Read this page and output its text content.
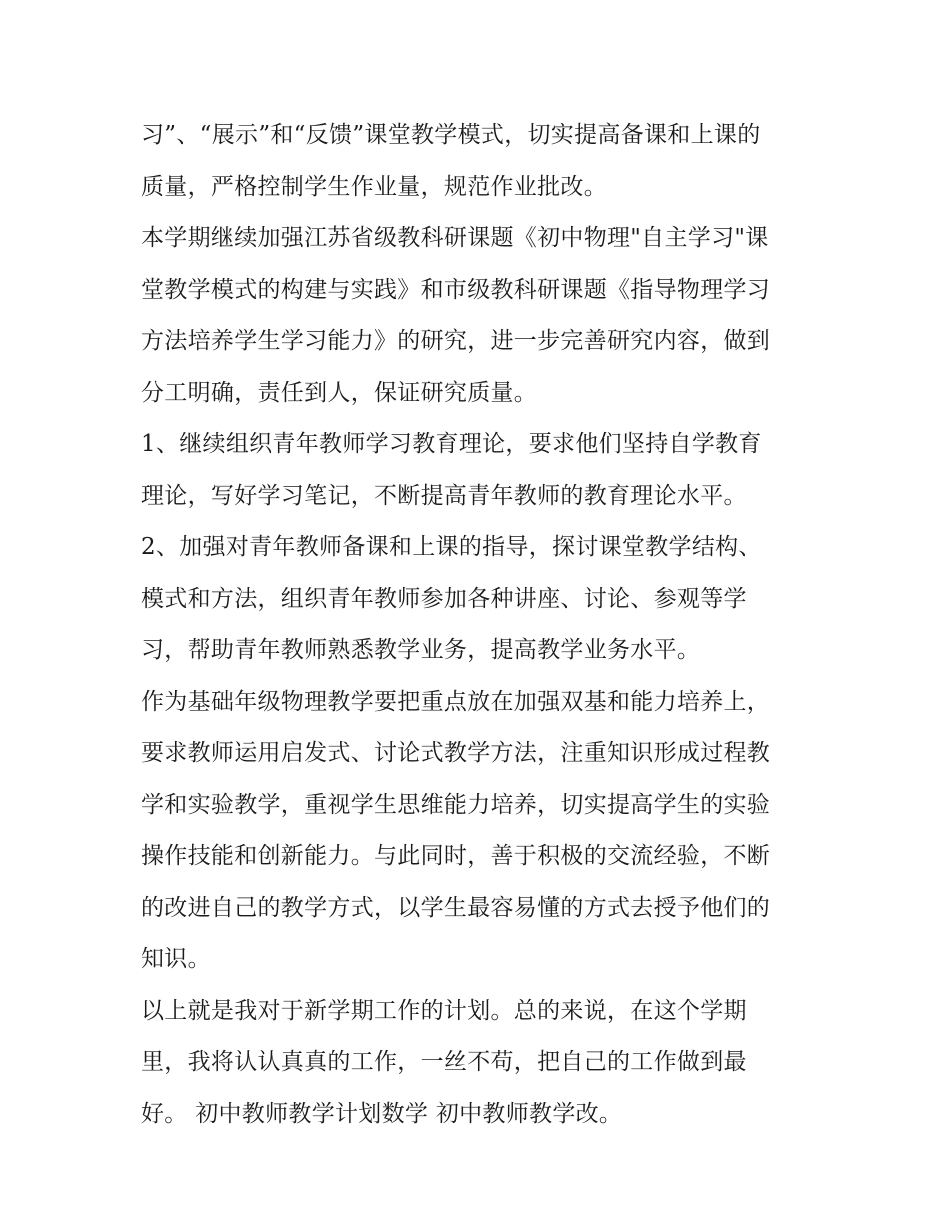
习”、“展示”和“反馈”课堂教学模式，切实提高备课和上课的
质量，严格控制学生作业量，规范作业批改。

本学期继续加强江苏省级教科研课题《初中物理"自主学习"课
堂教学模式的构建与实践》和市级教科研课题《指导物理学习
方法培养学生学习能力》的研究，进一步完善研究内容，做到
分工明确，责任到人，保证研究质量。

1、继续组织青年教师学习教育理论，要求他们坚持自学教育
理论，写好学习笔记，不断提高青年教师的教育理论水平。

2、加强对青年教师备课和上课的指导，探讨课堂教学结构、
模式和方法，组织青年教师参加各种讲座、讨论、参观等学
习，帮助青年教师熟悉教学业务，提高教学业务水平。

作为基础年级物理教学要把重点放在加强双基和能力培养上，
要求教师运用启发式、讨论式教学方法，注重知识形成过程教
学和实验教学，重视学生思维能力培养，切实提高学生的实验
操作技能和创新能力。与此同时，善于积极的交流经验，不断
的改进自己的教学方式，以学生最容易懂的方式去授予他们的
知识。

以上就是我对于新学期工作的计划。总的来说，在这个学期
里，我将认认真真的工作，一丝不苟，把自己的工作做到最
好。 初中教师教学计划数学 初中教师教学改。
